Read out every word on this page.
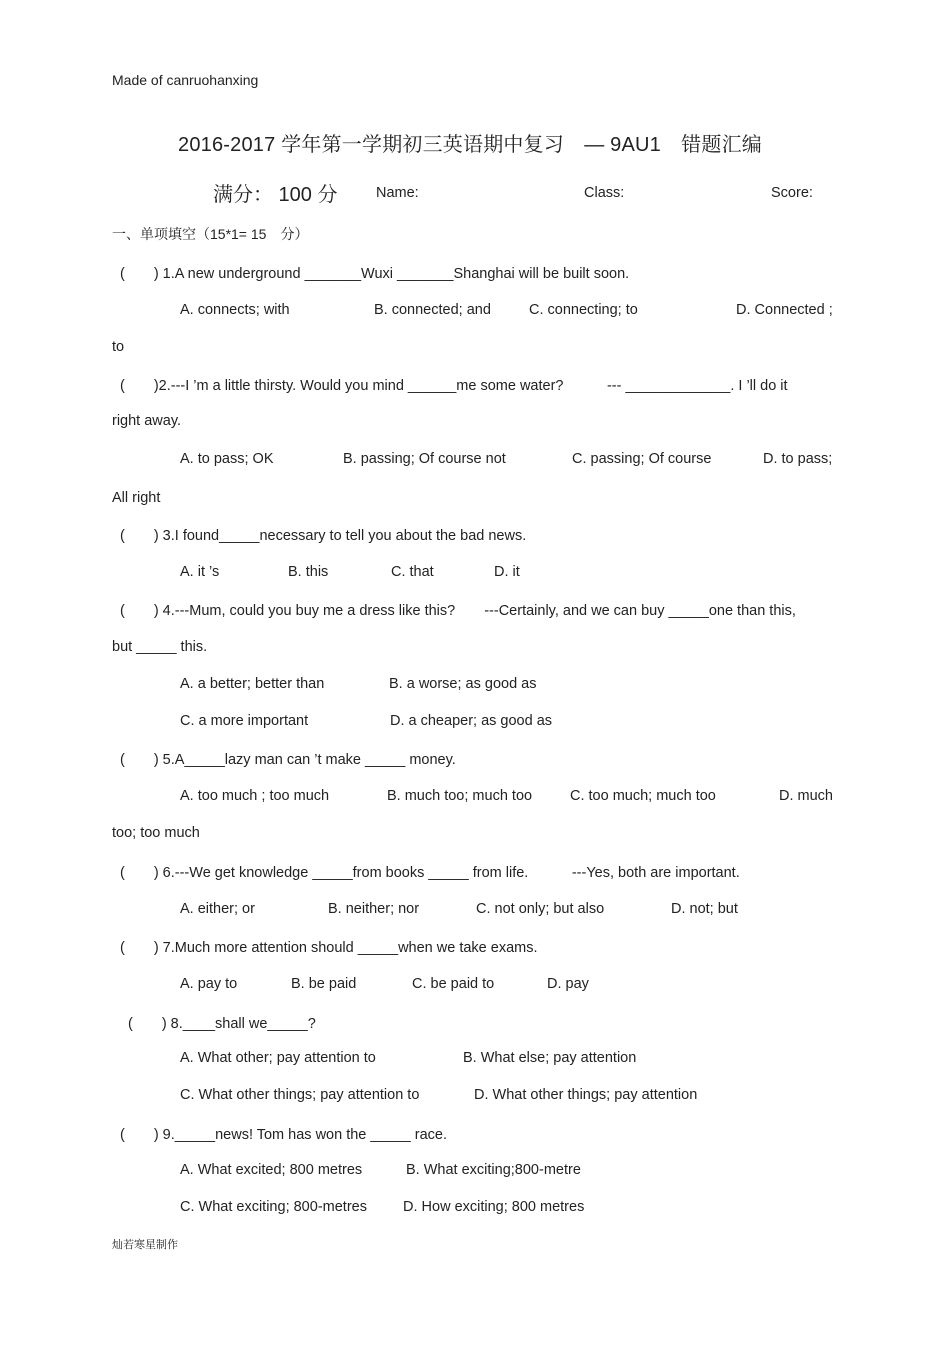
Made of canruohanxing
2016-2017 学年第一学期初三英语期中复习　— 9AU1　错题汇编
满分： 100 分	Name:	Class:	Score:
一、单项填空（15*1= 15　分）
(　　) 1.A new underground _______Wuxi _______Shanghai will be built soon.
A. connects; with	B. connected; and	C. connecting; to	D. Connected ;
to
(　　)2.---I ’m a little thirsty. Would you mind ______me some water?　　　--- _____________. I ’ll do it
right away.
A. to pass; OK	B. passing; Of course not	C. passing; Of course	D. to pass;
All right
(　　) 3.I found_____necessary to tell you about the bad news.
A. it ’s	B. this	C. that	D. it
(　　) 4.---Mum, could you buy me a dress like this?　　---Certainly, and we can buy _____one than this,
but _____ this.
A. a better; better than	B. a worse; as good as
C. a more important	D. a cheaper; as good as
(　　) 5.A_____lazy man can ’t make _____ money.
A. too much ; too much	B. much too; much too	C. too much; much too	D. much
too; too much
(　　) 6.---We get knowledge _____from books _____ from life.　　　---Yes, both are important.
A. either; or	B. neither; nor	C. not only; but also	D. not; but
(　　) 7.Much more attention should _____when we take exams.
A. pay to	B. be paid	C. be paid to	D. pay
(　　) 8.____shall we_____?
A. What other; pay attention to	B. What else; pay attention
C. What other things; pay attention to	D. What other things; pay attention
(　　) 9._____news! Tom has won the _____ race.
A. What excited; 800 metres	B. What exciting;800-metre
C. What exciting; 800-metres D. How exciting; 800 metres
灿若寒星制作
